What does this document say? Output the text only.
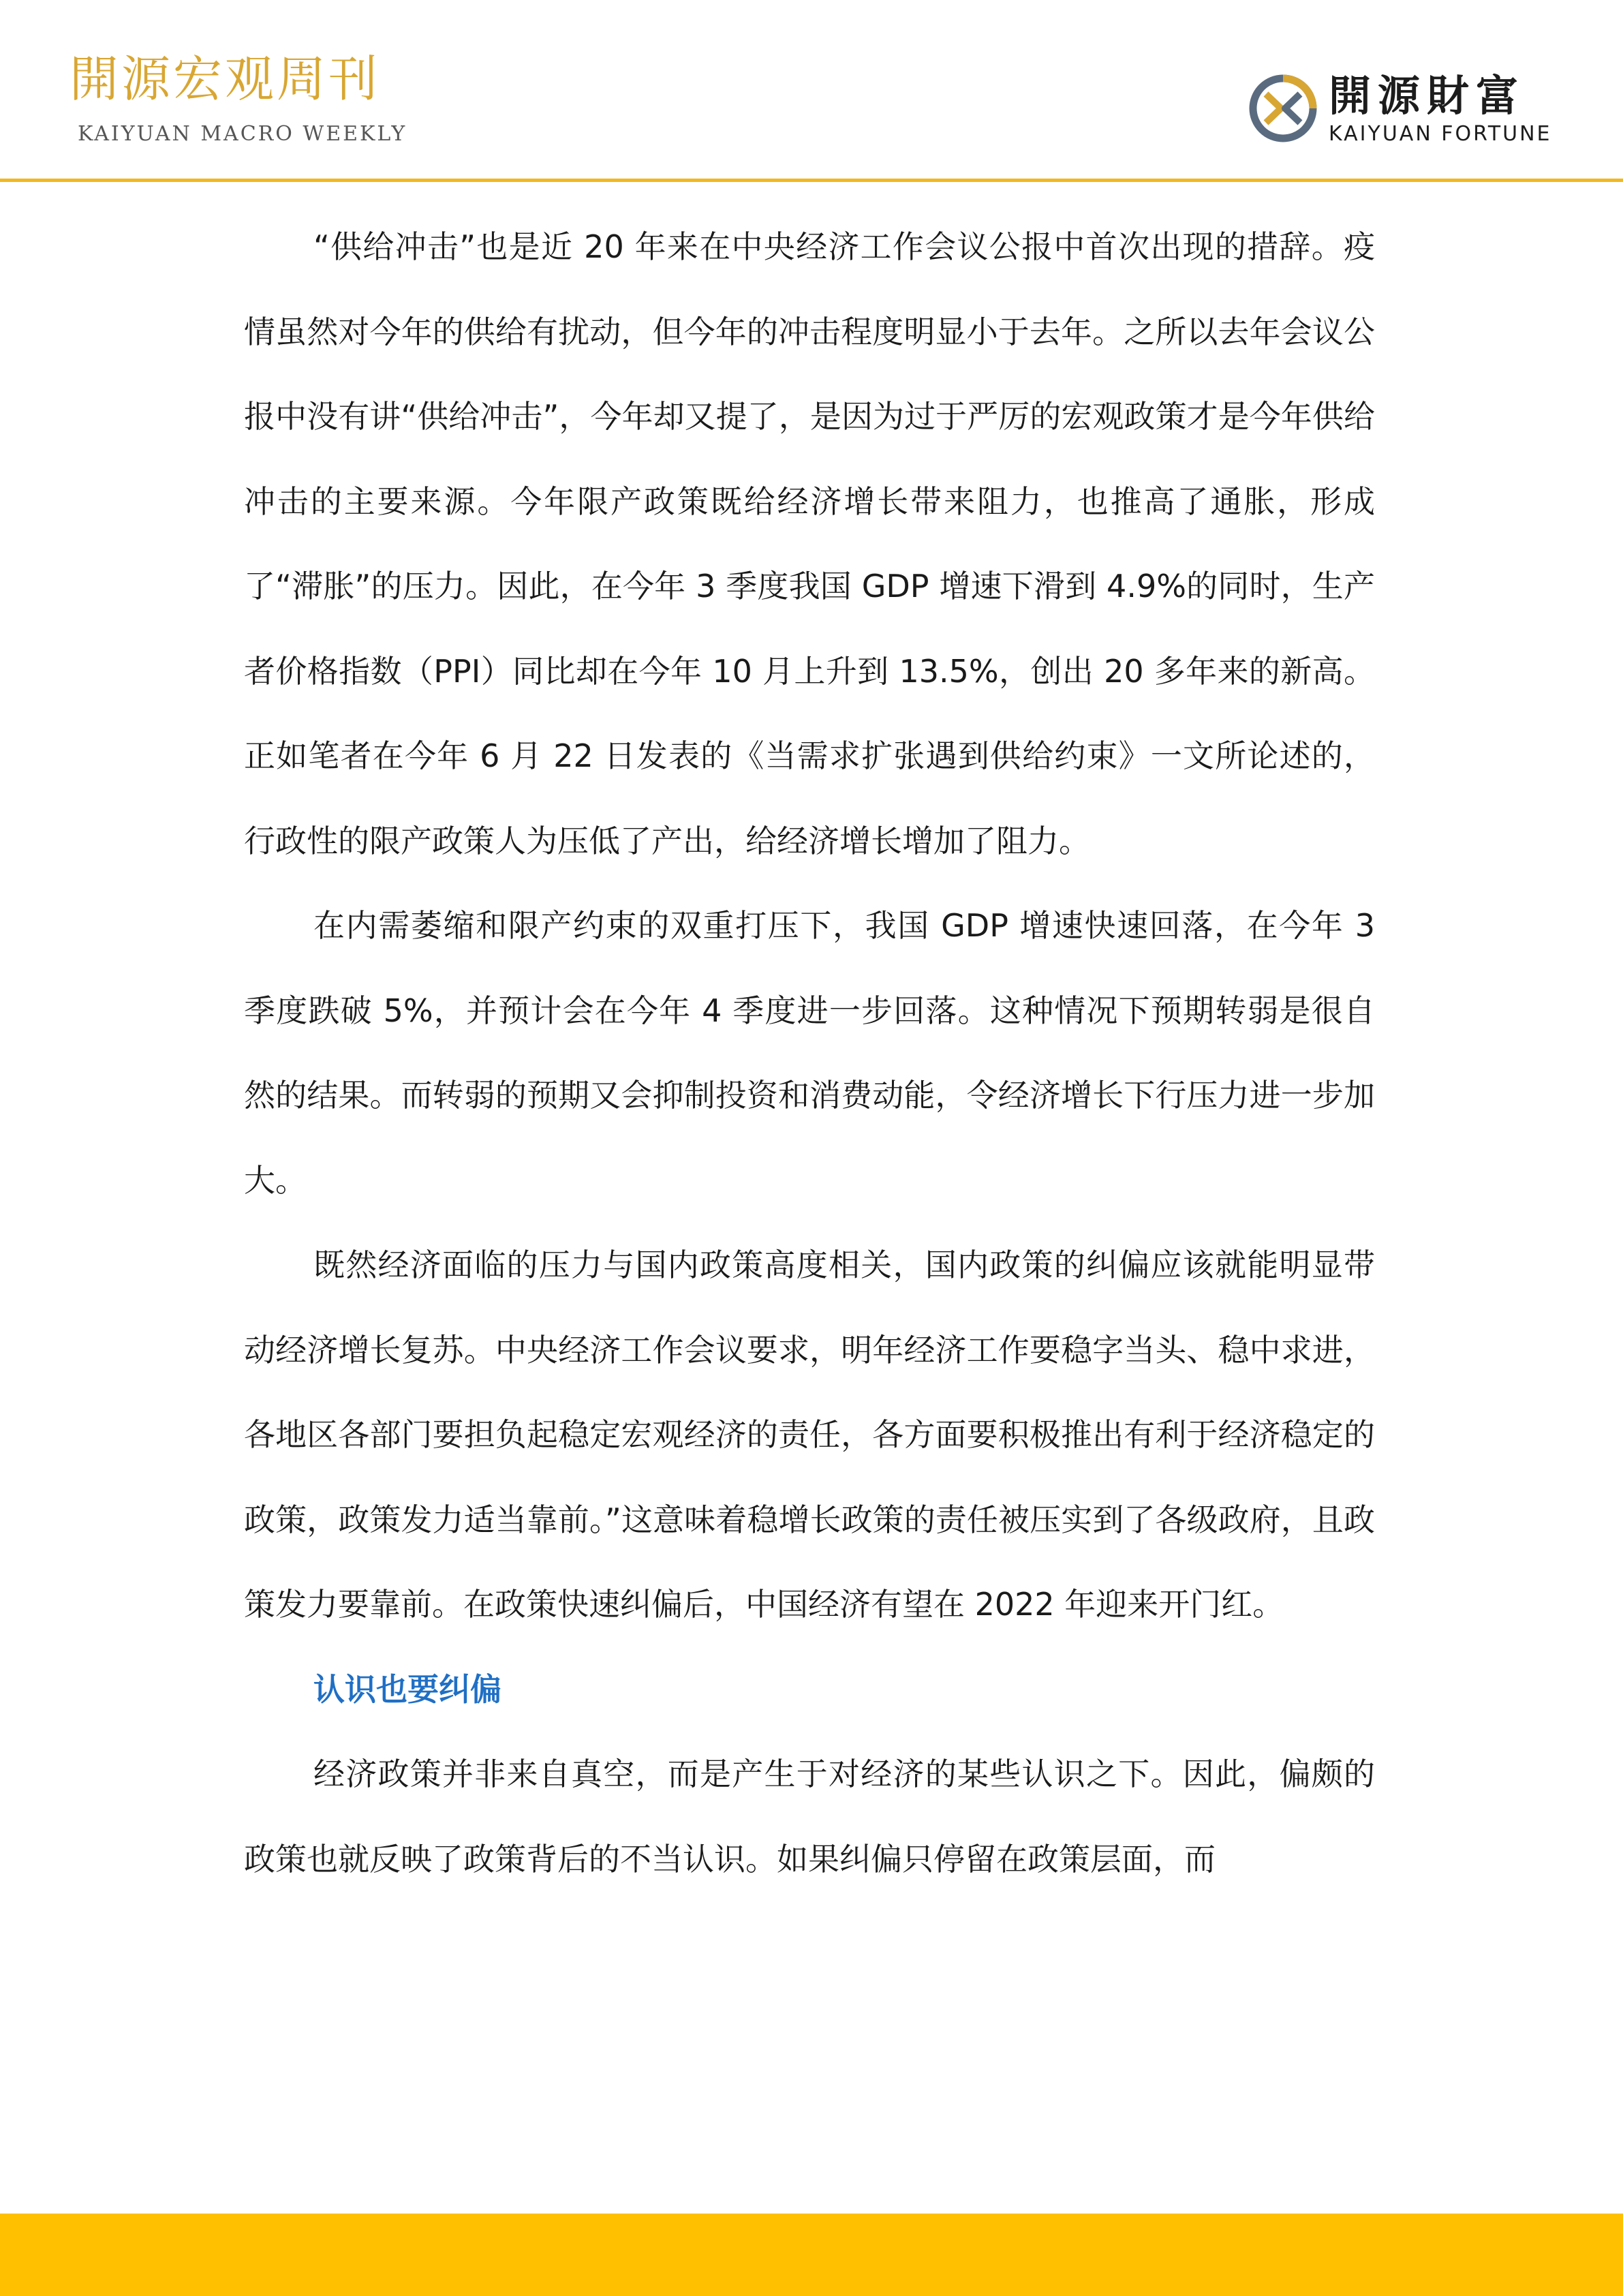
開源宏观周刊
KAIYUAN MACRO WEEKLY
開源財富
KAIYUAN FORTUNE

“供给冲击”也是近 20 年来在中央经济工作会议公报中首次出现的措辞。疫情虽然对今年的供给有扰动，但今年的冲击程度明显小于去年。之所以去年会议公报中没有讲“供给冲击”，今年却又提了，是因为过于严厉的宏观政策才是今年供给冲击的主要来源。今年限产政策既给经济增长带来阻力，也推高了通胀，形成了“滞胀”的压力。因此，在今年 3 季度我国 GDP 增速下滑到 4.9%的同时，生产者价格指数（PPI）同比却在今年 10 月上升到 13.5%，创出 20 多年来的新高。正如笔者在今年 6 月 22 日发表的《当需求扩张遇到供给约束》一文所论述的，行政性的限产政策人为压低了产出，给经济增长增加了阻力。

在内需萎缩和限产约束的双重打压下，我国 GDP 增速快速回落，在今年 3 季度跌破 5%，并预计会在今年 4 季度进一步回落。这种情况下预期转弱是很自然的结果。而转弱的预期又会抑制投资和消费动能，令经济增长下行压力进一步加大。

既然经济面临的压力与国内政策高度相关，国内政策的纠偏应该就能明显带动经济增长复苏。中央经济工作会议要求，明年经济工作要稳字当头、稳中求进，各地区各部门要担负起稳定宏观经济的责任，各方面要积极推出有利于经济稳定的政策，政策发力适当靠前。”这意味着稳增长政策的责任被压实到了各级政府，且政策发力要靠前。在政策快速纠偏后，中国经济有望在 2022 年迎来开门红。

认识也要纠偏

经济政策并非来自真空，而是产生于对经济的某些认识之下。因此，偏颇的政策也就反映了政策背后的不当认识。如果纠偏只停留在政策层面，而
